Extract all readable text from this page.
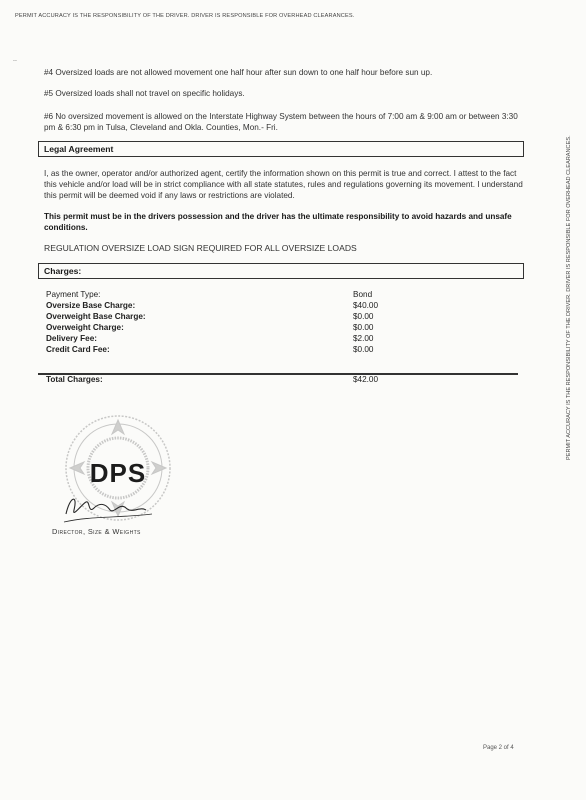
PERMIT ACCURACY IS THE RESPONSIBILITY OF THE DRIVER. DRIVER IS RESPONSIBLE FOR OVERHEAD CLEARANCES.
PERMIT ACCURACY IS THE RESPONSIBILITY OF THE DRIVER. DRIVER IS RESPONSIBLE FOR OVERHEAD CLEARANCES.
..
#4 Oversized loads are not allowed movement one half hour after sun down to one half hour before sun up.
#5 Oversized loads shall not travel on specific holidays.
#6 No oversized movement is allowed on the Interstate Highway System between the hours of 7:00 am & 9:00 am or between 3:30 pm & 6:30 pm in Tulsa, Cleveland and Okla. Counties, Mon.- Fri.
Legal Agreement
I, as the owner, operator and/or authorized agent, certify the information shown on this permit is true and correct. I attest to the fact this vehicle and/or load will be in strict compliance with all state statutes, rules and regulations governing its movement. I understand this permit will be deemed void if any laws or restrictions are violated.
This permit must be in the drivers possession and the driver has the ultimate responsibility to avoid hazards and unsafe conditions.
REGULATION OVERSIZE LOAD SIGN REQUIRED FOR ALL OVERSIZE LOADS
Charges:
Payment Type:	Bond
Oversize Base Charge:	$40.00
Overweight Base Charge:	$0.00
Overweight Charge:	$0.00
Delivery Fee:	$2.00
Credit Card Fee:	$0.00
Total Charges:	$42.00
DPS
Director, Size & Weights
Page 2 of 4
